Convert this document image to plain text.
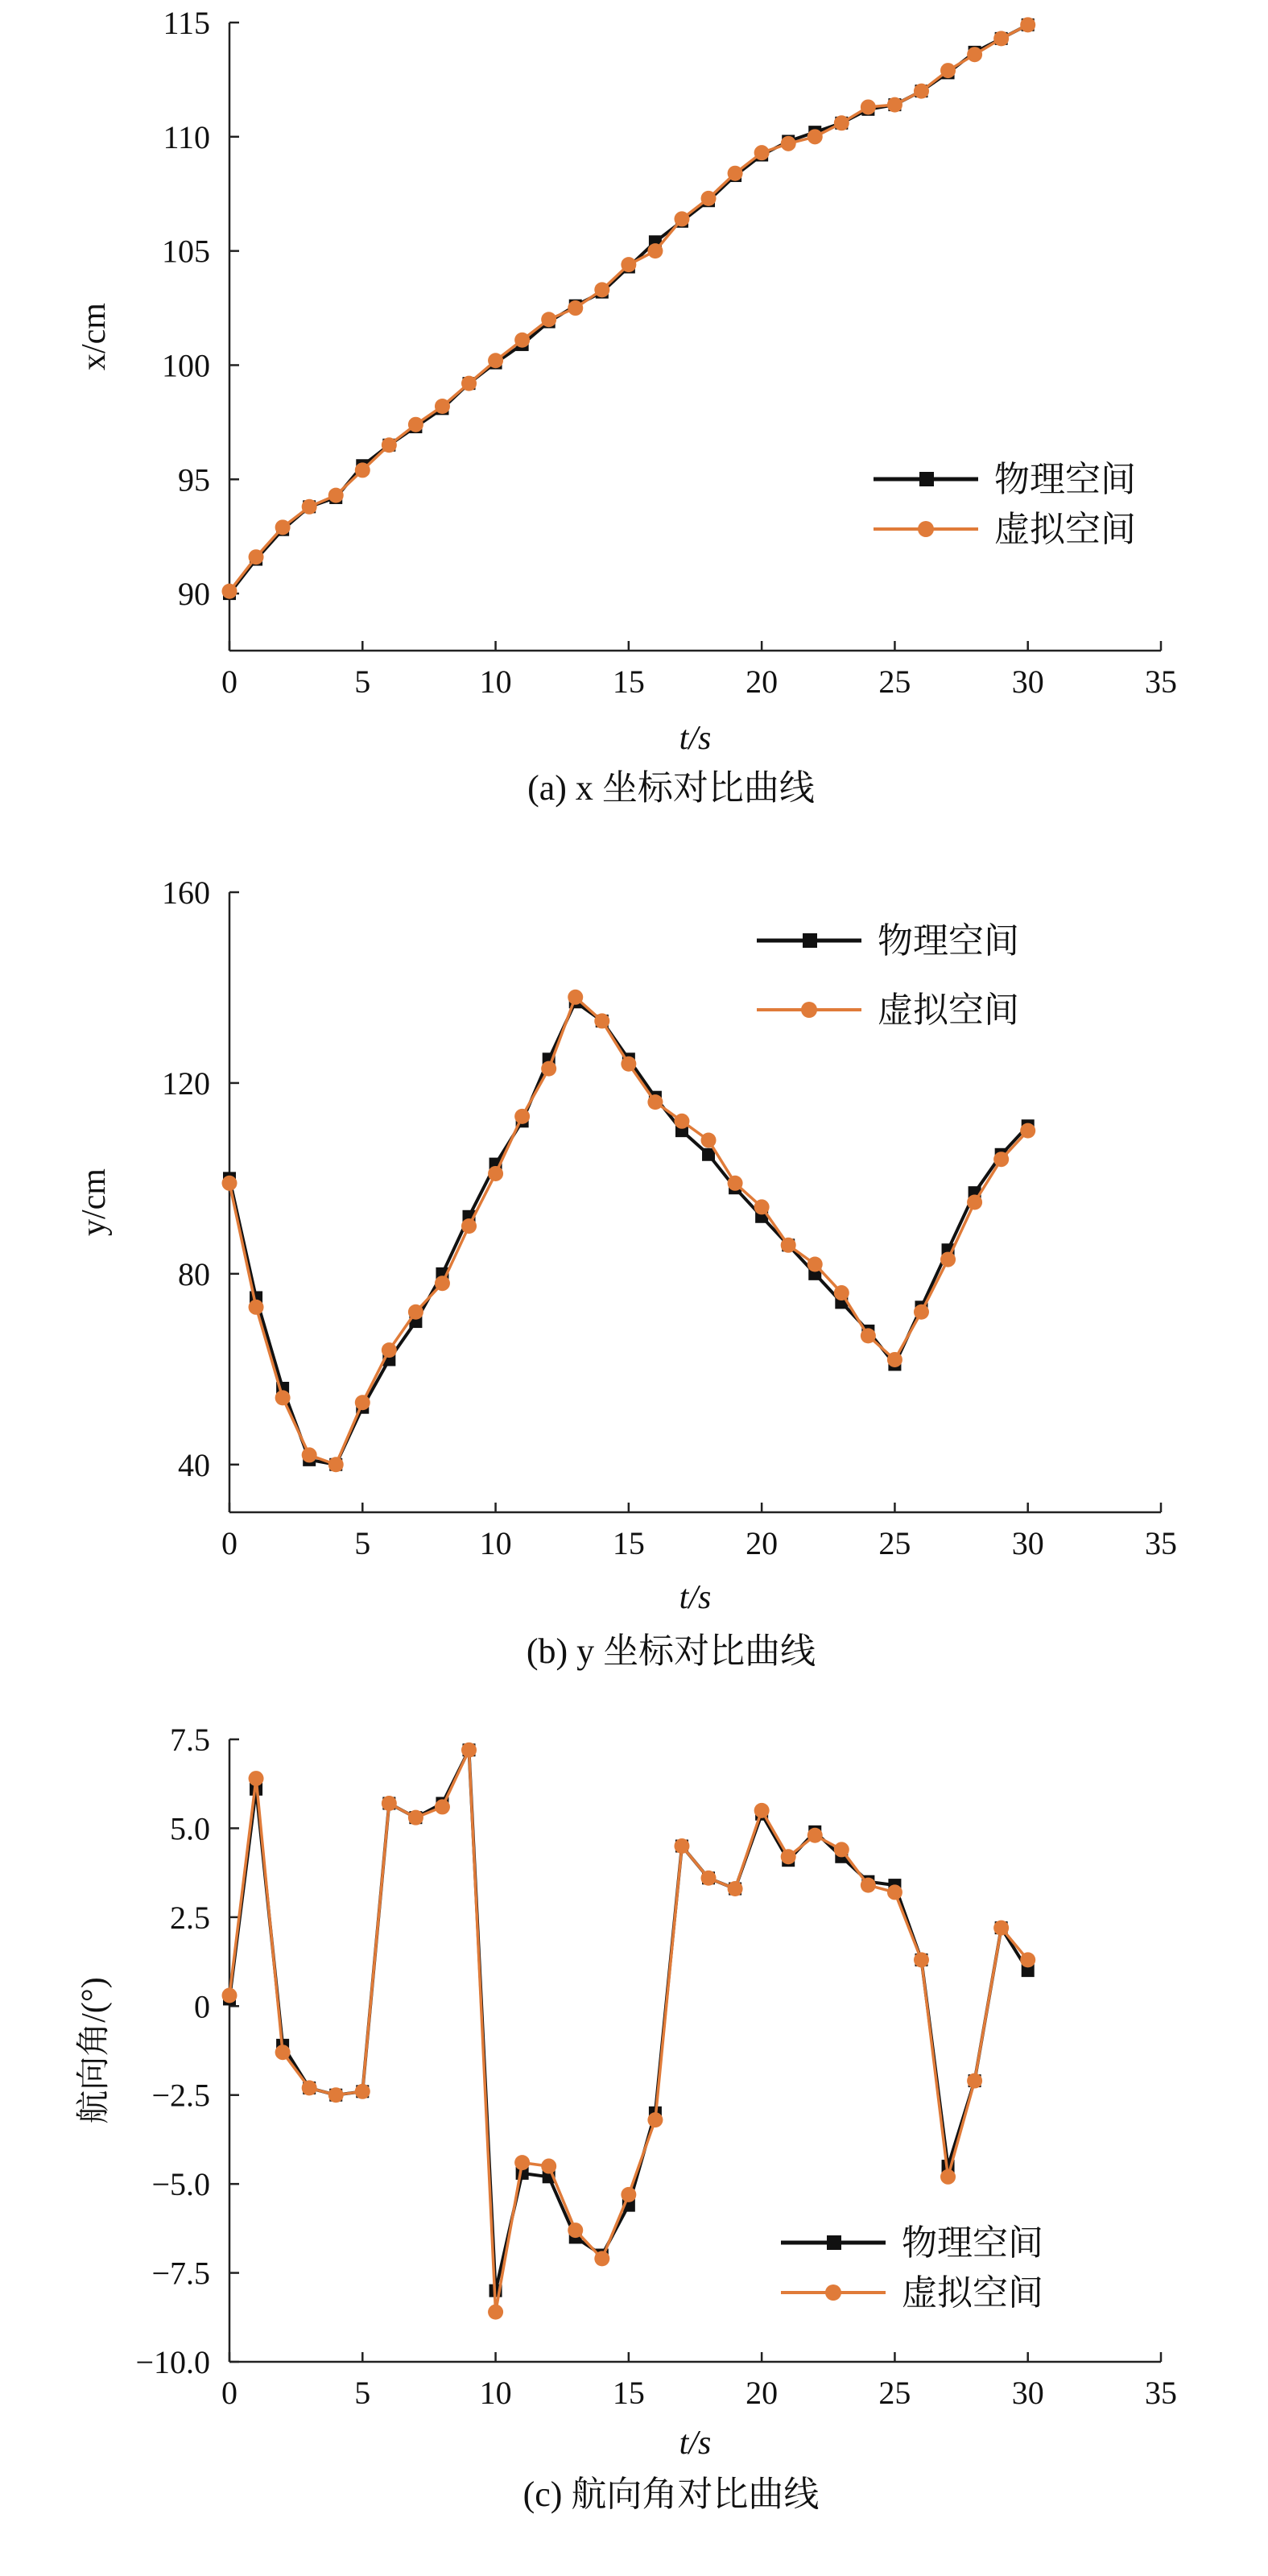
0	5	10	15	20	25	30	35
90
95
100
105
110
115
t/s
x/cm
(a) x 坐标对比曲线
物理空间
虚拟空间
0	5	10	15	20	25	30	35
40
80
120
160
t/s
y/cm
(b) y 坐标对比曲线
物理空间
虚拟空间
0	5	10	15	20	25	30	35
−10.0
−7.5
−5.0
−2.5
0
2.5
5.0
7.5
t/s
航向角/(°)
(c) 航向角对比曲线
物理空间
虚拟空间
